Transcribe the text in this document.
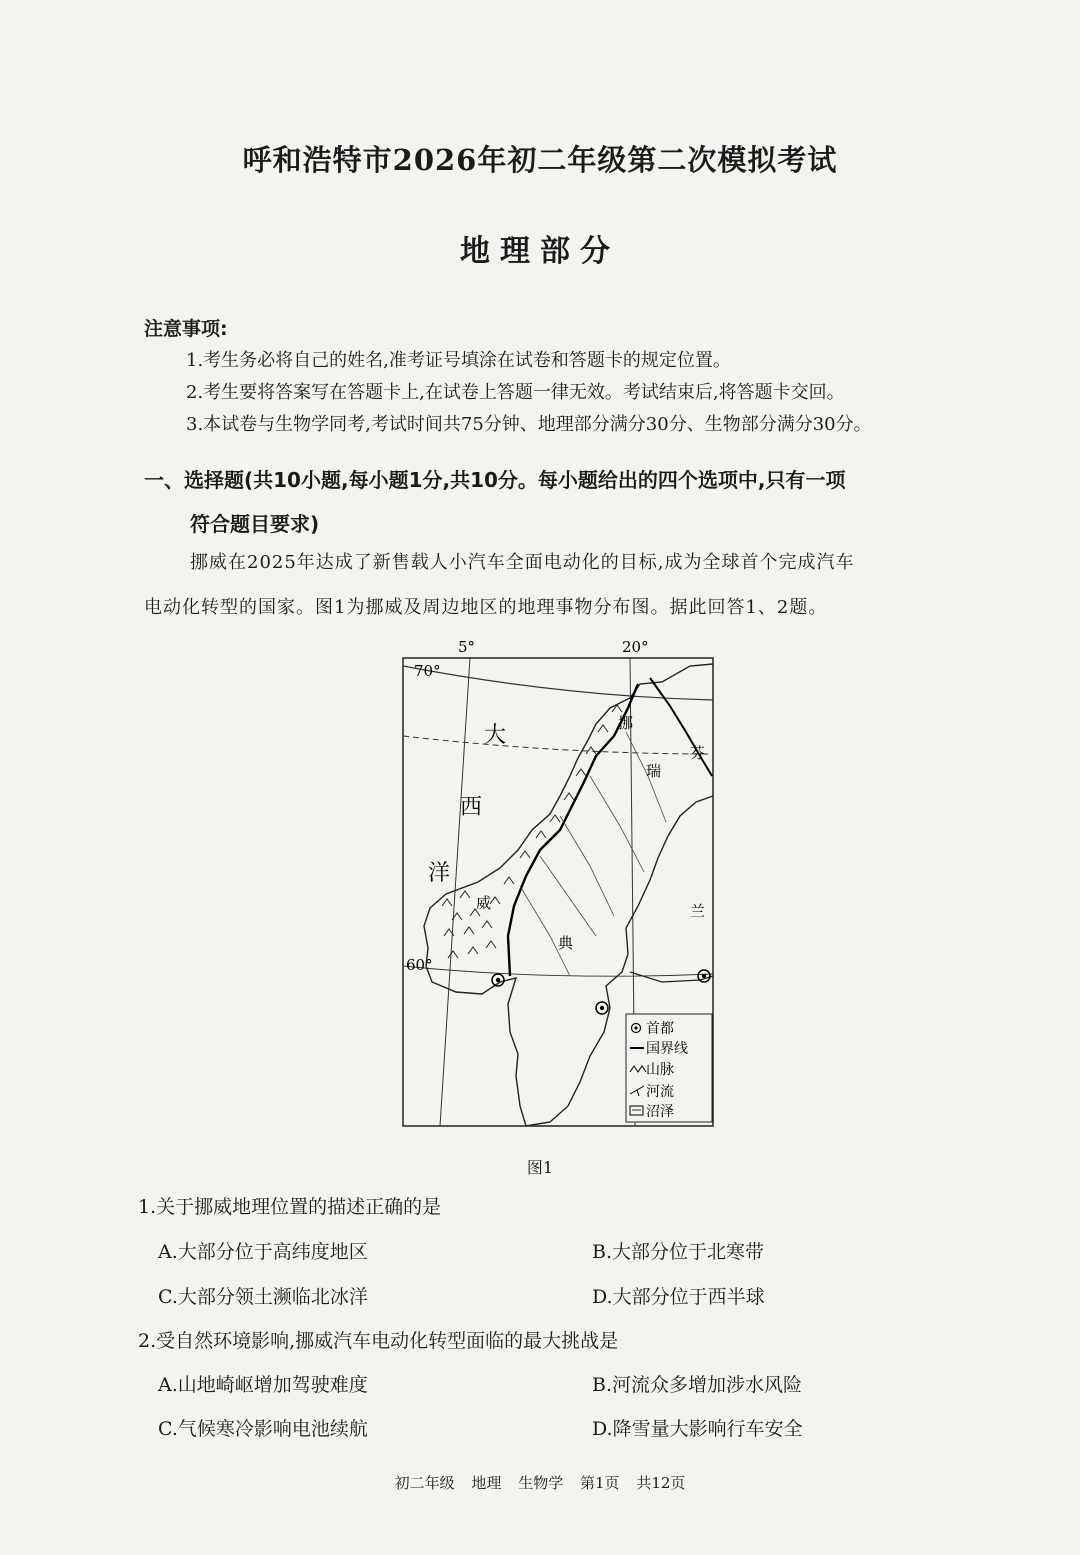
呼和浩特市2026年初二年级第二次模拟考试
地理部分
注意事项:
1.考生务必将自己的姓名,准考证号填涂在试卷和答题卡的规定位置。
2.考生要将答案写在答题卡上,在试卷上答题一律无效。考试结束后,将答题卡交回。
3.本试卷与生物学同考,考试时间共75分钟、地理部分满分30分、生物部分满分30分。
一、选择题(共10小题,每小题1分,共10分。每小题给出的四个选项中,只有一项
符合题目要求)
挪威在2025年达成了新售载人小汽车全面电动化的目标,成为全球首个完成汽车
电动化转型的国家。图1为挪威及周边地区的地理事物分布图。据此回答1、2题。
5°	20°
70°
60°
大
西
洋
挪
威
瑞
典
芬
兰
首都
国界线
山脉
河流
沼泽
图1
1.关于挪威地理位置的描述正确的是
A.大部分位于高纬度地区	B.大部分位于北寒带
C.大部分领土濒临北冰洋	D.大部分位于西半球
2.受自然环境影响,挪威汽车电动化转型面临的最大挑战是
A.山地崎岖增加驾驶难度	B.河流众多增加涉水风险
C.气候寒冷影响电池续航	D.降雪量大影响行车安全
初二年级 地理 生物学 第1页 共12页
